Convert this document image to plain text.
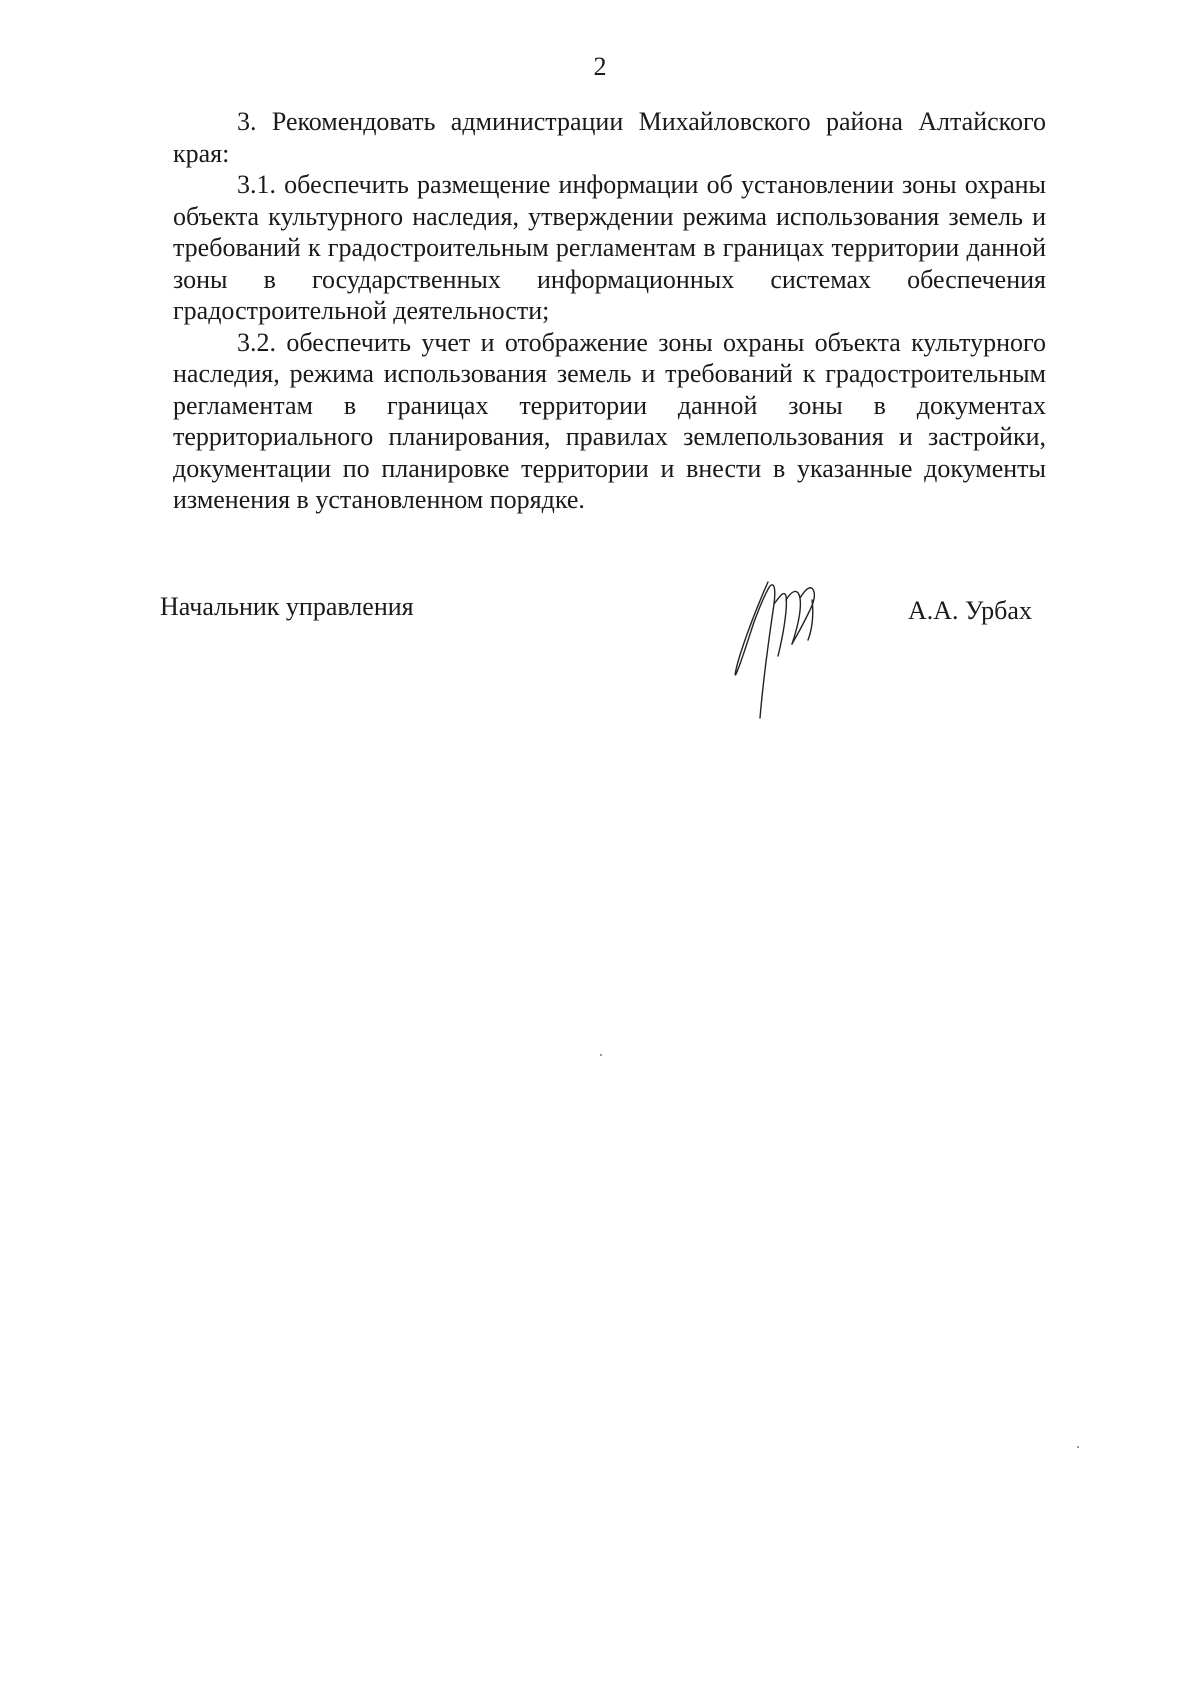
2

3. Рекомендовать администрации Михайловского района Алтайского края:

3.1. обеспечить размещение информации об установлении зоны охраны объекта культурного наследия, утверждении режима использования земель и требований к градостроительным регламентам в границах территории данной зоны в государственных информационных системах обеспечения градостроительной деятельности;

3.2. обеспечить учет и отображение зоны охраны объекта культурного наследия, режима использования земель и требований к градостроительным регламентам в границах территории данной зоны в документах территориального планирования, правилах землепользования и застройки, документации по планировке территории и внести в указанные документы изменения в установленном порядке.

Начальник управления	А.А. Урбах
